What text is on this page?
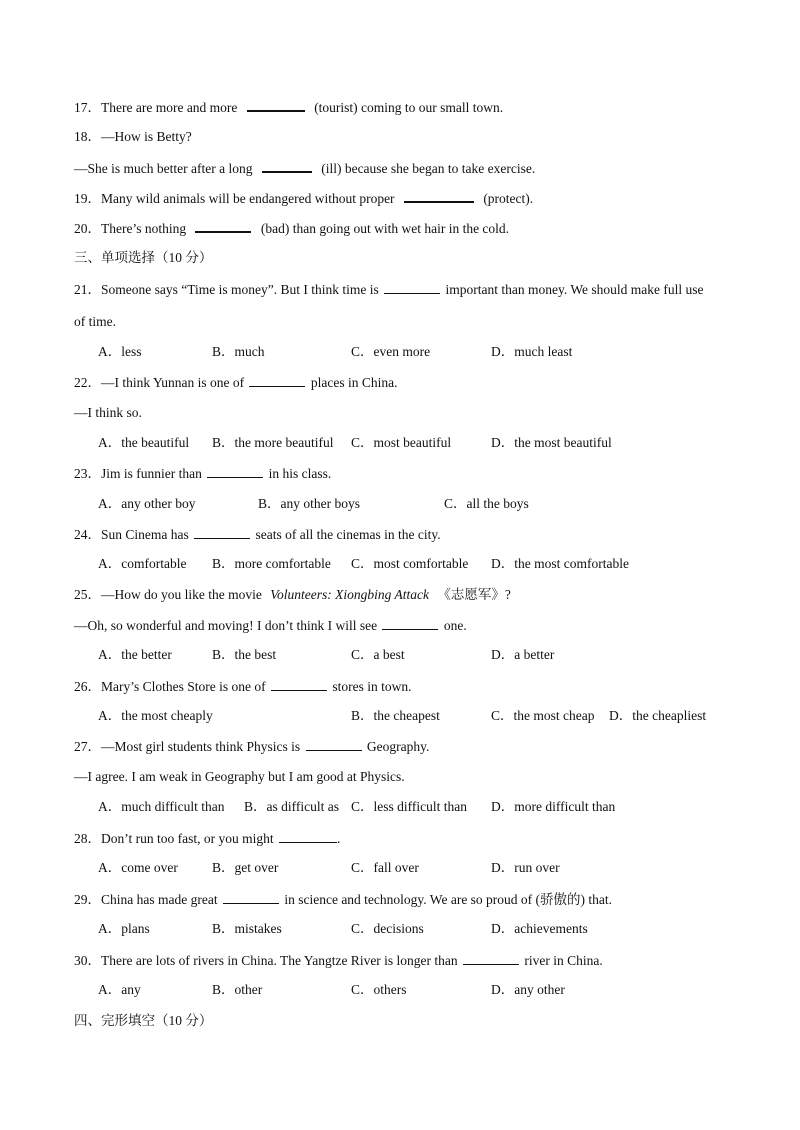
17．There are more and more	(tourist) coming to our small town.
18．—How is Betty?
—She is much better after a long	(ill) because she began to take exercise.
19．Many wild animals will be endangered without proper	(protect).
20．There’s nothing	(bad) than going out with wet hair in the cold.
三、单项选择（10 分）
21．Someone says “Time is money”. But I think time is	important than money. We should make full use
of time.
A．less	B．much	C．even more	D．much least
22．—I think Yunnan is one of	places in China.
—I think so.
A．the beautiful B．the more beautiful C．most beautiful	D．the most beautiful
23．Jim is funnier than	in his class.
A．any other boy	B．any other boys	C．all the boys
24．Sun Cinema has	seats of all the cinemas in the city.
A．comfortable B．more comfortable C．most comfortable D．the most comfortable
25．—How do you like the movie Volunteers: Xiongbing Attack 《志愿军》?
—Oh, so wonderful and moving! I don’t think I will see	one.
A．the better	B．the best	C．a best	D．a better
26．Mary’s Clothes Store is one of	stores in town.
A．the most cheaply	B．the cheapest	C．the most cheap D．the cheapliest
27．—Most girl students think Physics is	Geography.
—I agree. I am weak in Geography but I am good at Physics.
A．much difficult than B．as difficult as C．less difficult than D．more difficult than
28．Don’t run too fast, or you might	.
A．come over	B．get over	C．fall over	D．run over
29．China has made great	in science and technology. We are so proud of (骄傲的) that.
A．plans	B．mistakes	C．decisions	D．achievements
30．There are lots of rivers in China. The Yangtze River is longer than	river in China.
A．any	B．other	C．others	D．any other
四、完形填空（10 分）
